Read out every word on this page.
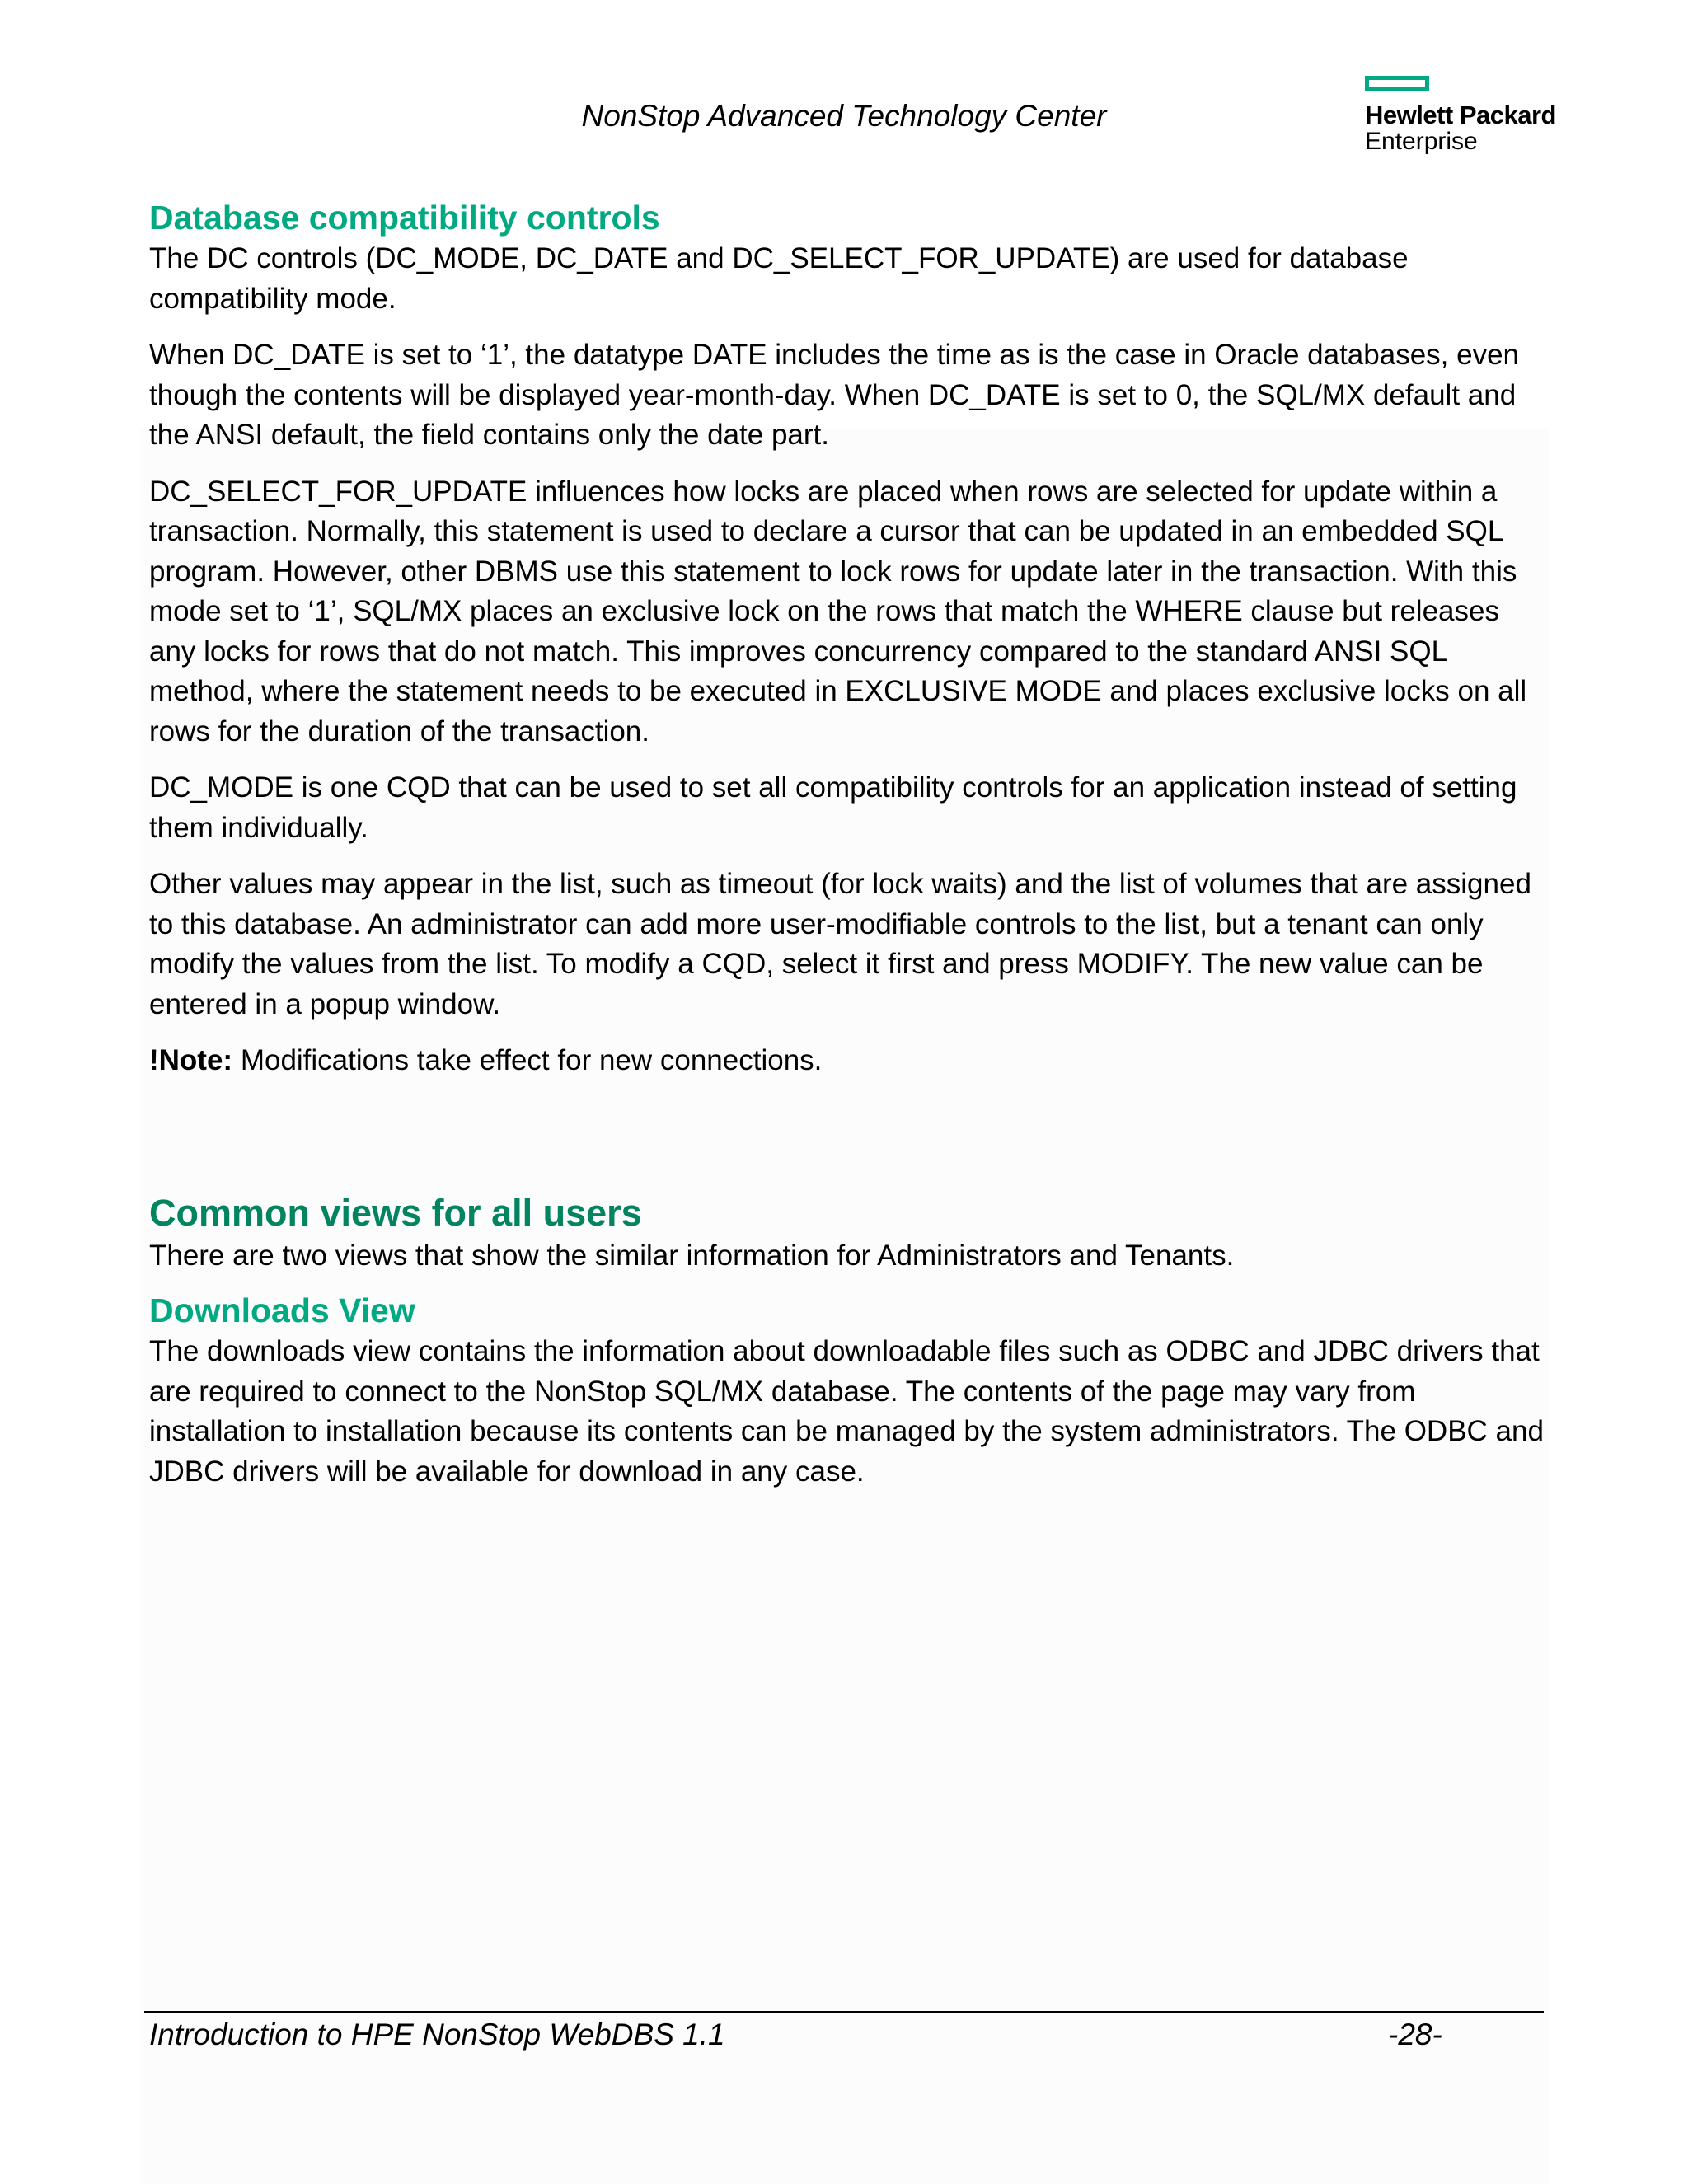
NonStop Advanced Technology Center	Hewlett Packard
Enterprise
Database compatibility controls

The DC controls (DC_MODE, DC_DATE and DC_SELECT_FOR_UPDATE) are used for database compatibility mode.

When DC_DATE is set to ‘1’, the datatype DATE includes the time as is the case in Oracle databases, even though the contents will be displayed year-month-day. When DC_DATE is set to 0, the SQL/MX default and the ANSI default, the field contains only the date part.

DC_SELECT_FOR_UPDATE influences how locks are placed when rows are selected for update within a transaction. Normally, this statement is used to declare a cursor that can be updated in an embedded SQL program. However, other DBMS use this statement to lock rows for update later in the transaction. With this mode set to ‘1’, SQL/MX places an exclusive lock on the rows that match the WHERE clause but releases any locks for rows that do not match. This improves concurrency compared to the standard ANSI SQL method, where the statement needs to be executed in EXCLUSIVE MODE and places exclusive locks on all rows for the duration of the transaction.

DC_MODE is one CQD that can be used to set all compatibility controls for an application instead of setting them individually.

Other values may appear in the list, such as timeout (for lock waits) and the list of volumes that are assigned to this database. An administrator can add more user-modifiable controls to the list, but a tenant can only modify the values from the list. To modify a CQD, select it first and press MODIFY. The new value can be entered in a popup window.

!Note: Modifications take effect for new connections.

Common views for all users

There are two views that show the similar information for Administrators and Tenants.

Downloads View

The downloads view contains the information about downloadable files such as ODBC and JDBC drivers that are required to connect to the NonStop SQL/MX database. The contents of the page may vary from installation to installation because its contents can be managed by the system administrators. The ODBC and JDBC drivers will be available for download in any case.

Introduction to HPE NonStop WebDBS 1.1	-28-
